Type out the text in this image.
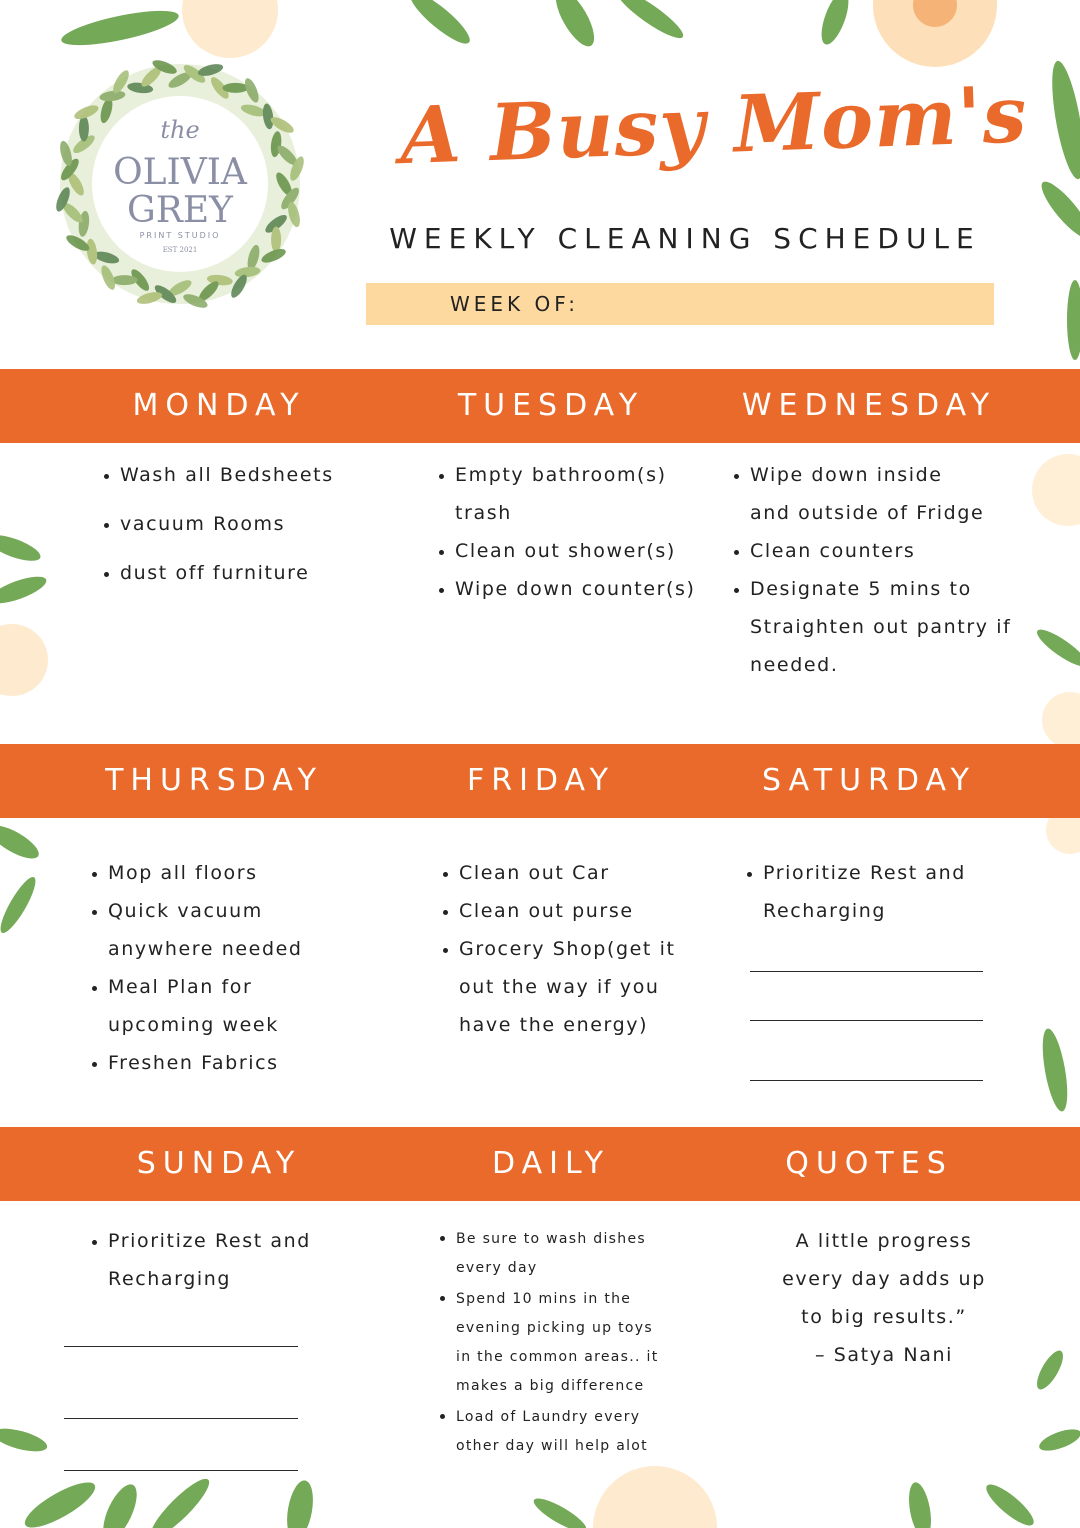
the
OLIVIA
GREY
PRINT STUDIO
EST 2021
A Busy Mom's
WEEKLY CLEANING SCHEDULE
WEEK OF:
MONDAY	TUESDAY	WEDNESDAY
• Wash all Bedsheets
• vacuum Rooms
• dust off furniture
• Empty bathroom(s) trash
• Clean out shower(s)
• Wipe down counter(s)
• Wipe down inside and outside of Fridge
• Clean counters
• Designate 5 mins to Straighten out pantry if needed.
THURSDAY	FRIDAY	SATURDAY
• Mop all floors
• Quick vacuum anywhere needed
• Meal Plan for upcoming week
• Freshen Fabrics
• Clean out Car
• Clean out purse
• Grocery Shop(get it out the way if you have the energy)
• Prioritize Rest and Recharging
SUNDAY	DAILY	QUOTES
• Prioritize Rest and Recharging
• Be sure to wash dishes every day
• Spend 10 mins in the evening picking up toys in the common areas.. it makes a big difference
• Load of Laundry every other day will help alot
A little progress
every day adds up
to big results.”
– Satya Nani
